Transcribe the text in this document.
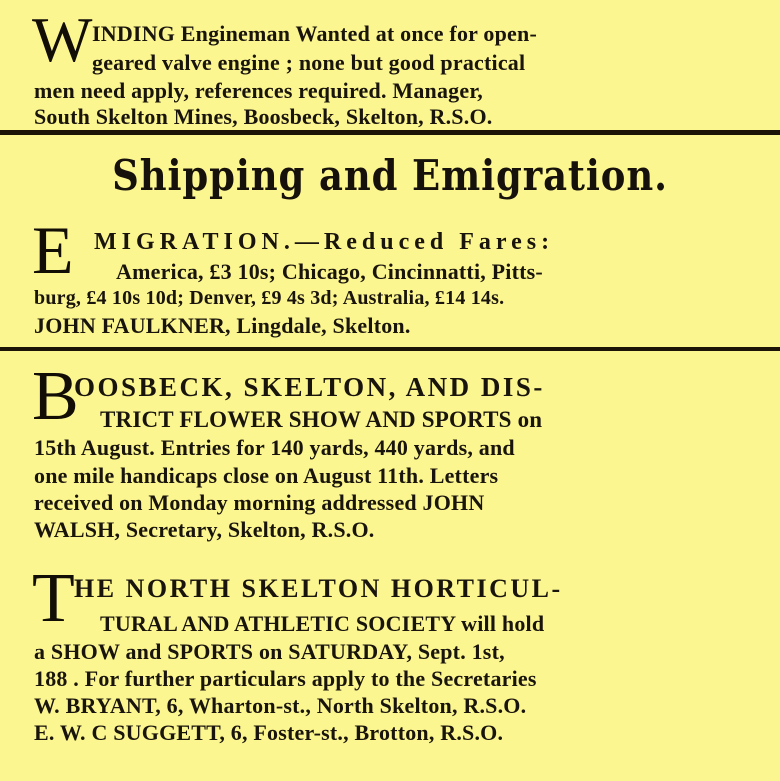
W INDING Engineman Wanted at once for open-
geared valve engine ; none but good practical
men need apply, references required. Manager,
South Skelton Mines, Boosbeck, Skelton, R.S.O.
Shipping and Emigration.
E MIGRATION.—Reduced Fares:
America, £3 10s; Chicago, Cincinnatti, Pitts-
burg, £4 10s 10d; Denver, £9 4s 3d; Australia, £14 14s.
JOHN FAULKNER, Lingdale, Skelton.
B
OOSBECK, SKELTON, AND DIS-
TRICT FLOWER SHOW AND SPORTS on
15th August. Entries for 140 yards, 440 yards, and
one mile handicaps close on August 11th. Letters
received on Monday morning addressed JOHN
WALSH, Secretary, Skelton, R.S.O.
T HE NORTH SKELTON HORTICUL-
TURAL AND ATHLETIC SOCIETY will hold
a SHOW and SPORTS on SATURDAY, Sept. 1st,
188 . For further particulars apply to the Secretaries
W. BRYANT, 6, Wharton-st., North Skelton, R.S.O.
E. W. C SUGGETT, 6, Foster-st., Brotton, R.S.O.
